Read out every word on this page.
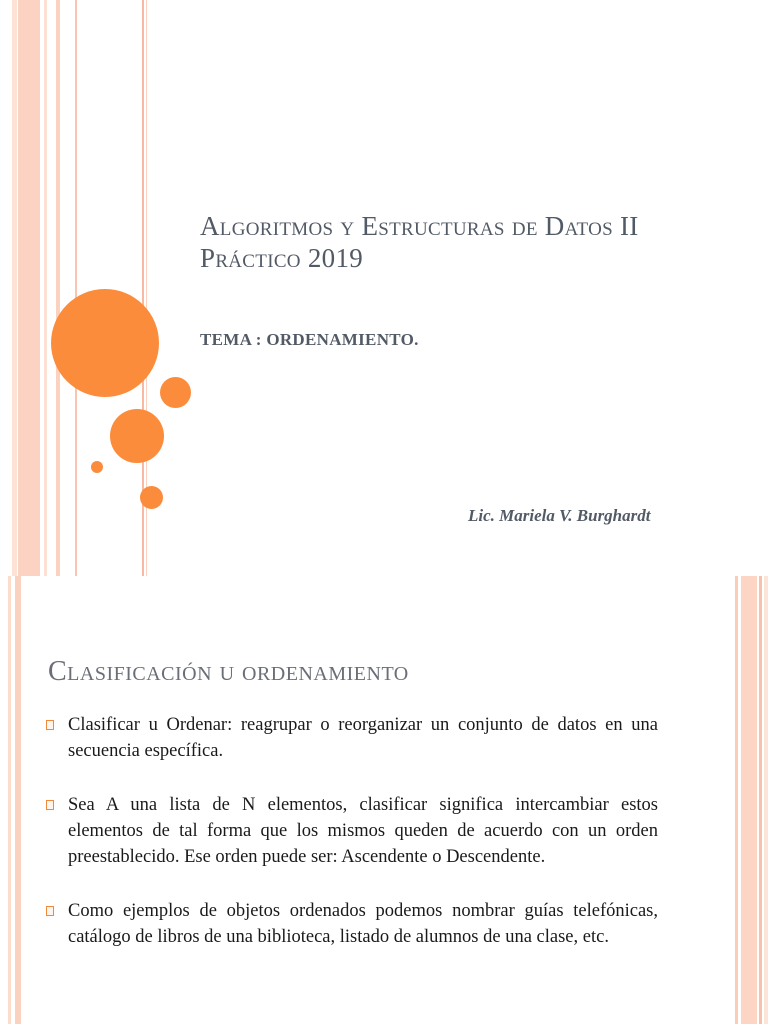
Algoritmos y Estructuras de Datos II
Práctico 2019
TEMA : ORDENAMIENTO.
Lic. Mariela V. Burghardt
Clasificación u ordenamiento
Clasificar u Ordenar: reagrupar o reorganizar un conjunto de datos en una secuencia específica.
Sea A una lista de N elementos, clasificar significa intercambiar estos elementos de tal forma que los mismos queden de acuerdo con un orden preestablecido. Ese orden puede ser: Ascendente o Descendente.
Como ejemplos de objetos ordenados podemos nombrar guías telefónicas, catálogo de libros de una biblioteca, listado de alumnos de una clase, etc.
